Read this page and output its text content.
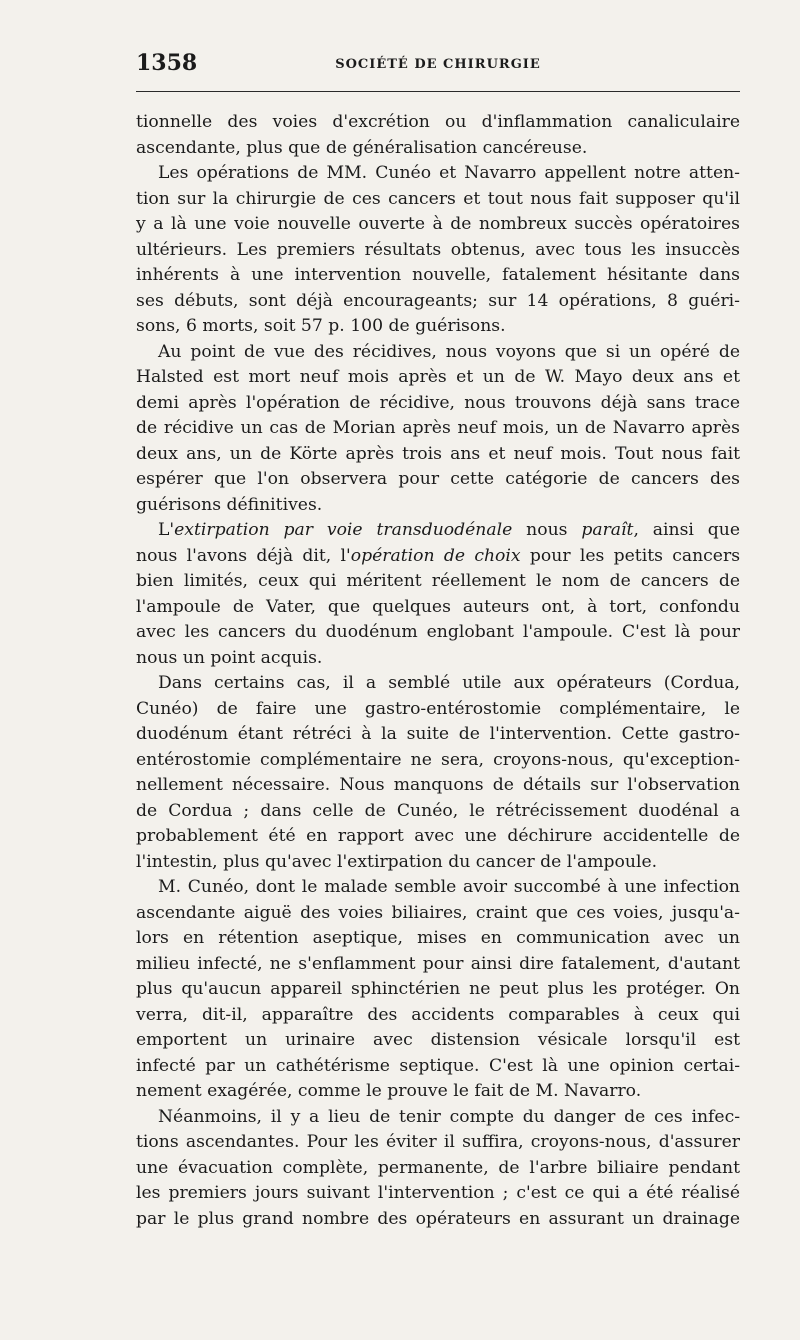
1358	SOCIÉTÉ DE CHIRURGIE
tionnelle des voies d'excrétion ou d'inflammation canaliculaire
ascendante, plus que de généralisation cancéreuse.
Les opérations de MM. Cunéo et Navarro appellent notre atten-
tion sur la chirurgie de ces cancers et tout nous fait supposer qu'il
y a là une voie nouvelle ouverte à de nombreux succès opératoires
ultérieurs. Les premiers résultats obtenus, avec tous les insuccès
inhérents à une intervention nouvelle, fatalement hésitante dans
ses débuts, sont déjà encourageants; sur 14 opérations, 8 guéri-
sons, 6 morts, soit 57 p. 100 de guérisons.
Au point de vue des récidives, nous voyons que si un opéré de
Halsted est mort neuf mois après et un de W. Mayo deux ans et
demi après l'opération de récidive, nous trouvons déjà sans trace
de récidive un cas de Morian après neuf mois, un de Navarro après
deux ans, un de Körte après trois ans et neuf mois. Tout nous fait
espérer que l'on observera pour cette catégorie de cancers des
guérisons définitives.
L'extirpation par voie transduodénale nous paraît, ainsi que
nous l'avons déjà dit, l'opération de choix pour les petits cancers
bien limités, ceux qui méritent réellement le nom de cancers de
l'ampoule de Vater, que quelques auteurs ont, à tort, confondu
avec les cancers du duodénum englobant l'ampoule. C'est là pour
nous un point acquis.
Dans certains cas, il a semblé utile aux opérateurs (Cordua,
Cunéo) de faire une gastro-entérostomie complémentaire, le
duodénum étant rétréci à la suite de l'intervention. Cette gastro-
entérostomie complémentaire ne sera, croyons-nous, qu'exception-
nellement nécessaire. Nous manquons de détails sur l'observation
de Cordua ; dans celle de Cunéo, le rétrécissement duodénal a
probablement été en rapport avec une déchirure accidentelle de
l'intestin, plus qu'avec l'extirpation du cancer de l'ampoule.
M. Cunéo, dont le malade semble avoir succombé à une infection
ascendante aiguë des voies biliaires, craint que ces voies, jusqu'a-
lors en rétention aseptique, mises en communication avec un
milieu infecté, ne s'enflamment pour ainsi dire fatalement, d'autant
plus qu'aucun appareil sphinctérien ne peut plus les protéger. On
verra, dit-il, apparaître des accidents comparables à ceux qui
emportent un urinaire avec distension vésicale lorsqu'il est
infecté par un cathétérisme septique. C'est là une opinion certai-
nement exagérée, comme le prouve le fait de M. Navarro.
Néanmoins, il y a lieu de tenir compte du danger de ces infec-
tions ascendantes. Pour les éviter il suffira, croyons-nous, d'assurer
une évacuation complète, permanente, de l'arbre biliaire pendant
les premiers jours suivant l'intervention ; c'est ce qui a été réalisé
par le plus grand nombre des opérateurs en assurant un drainage
